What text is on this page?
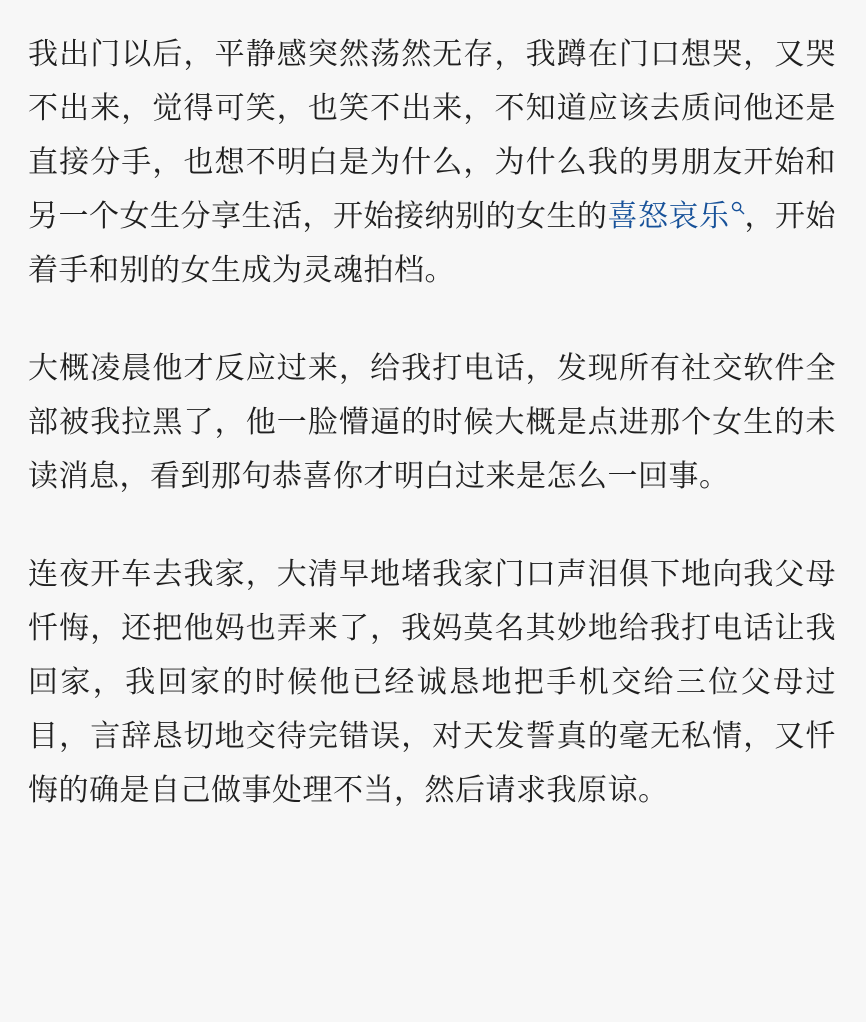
我出门以后，平静感突然荡然无存，我蹲在门口想哭，又哭不出来，觉得可笑，也笑不出来，不知道应该去质问他还是直接分手，也想不明白是为什么，为什么我的男朋友开始和另一个女生分享生活，开始接纳别的女生的喜怒哀乐 ，开始着手和别的女生成为灵魂拍档。

大概凌晨他才反应过来，给我打电话，发现所有社交软件全部被我拉黑了，他一脸懵逼的时候大概是点进那个女生的未读消息，看到那句恭喜你才明白过来是怎么一回事。

连夜开车去我家，大清早地堵我家门口声泪俱下地向我父母忏悔，还把他妈也弄来了，我妈莫名其妙地给我打电话让我回家，我回家的时候他已经诚恳地把手机交给三位父母过目，言辞恳切地交待完错误，对天发誓真的毫无私情，又忏悔的确是自己做事处理不当，然后请求我原谅。
